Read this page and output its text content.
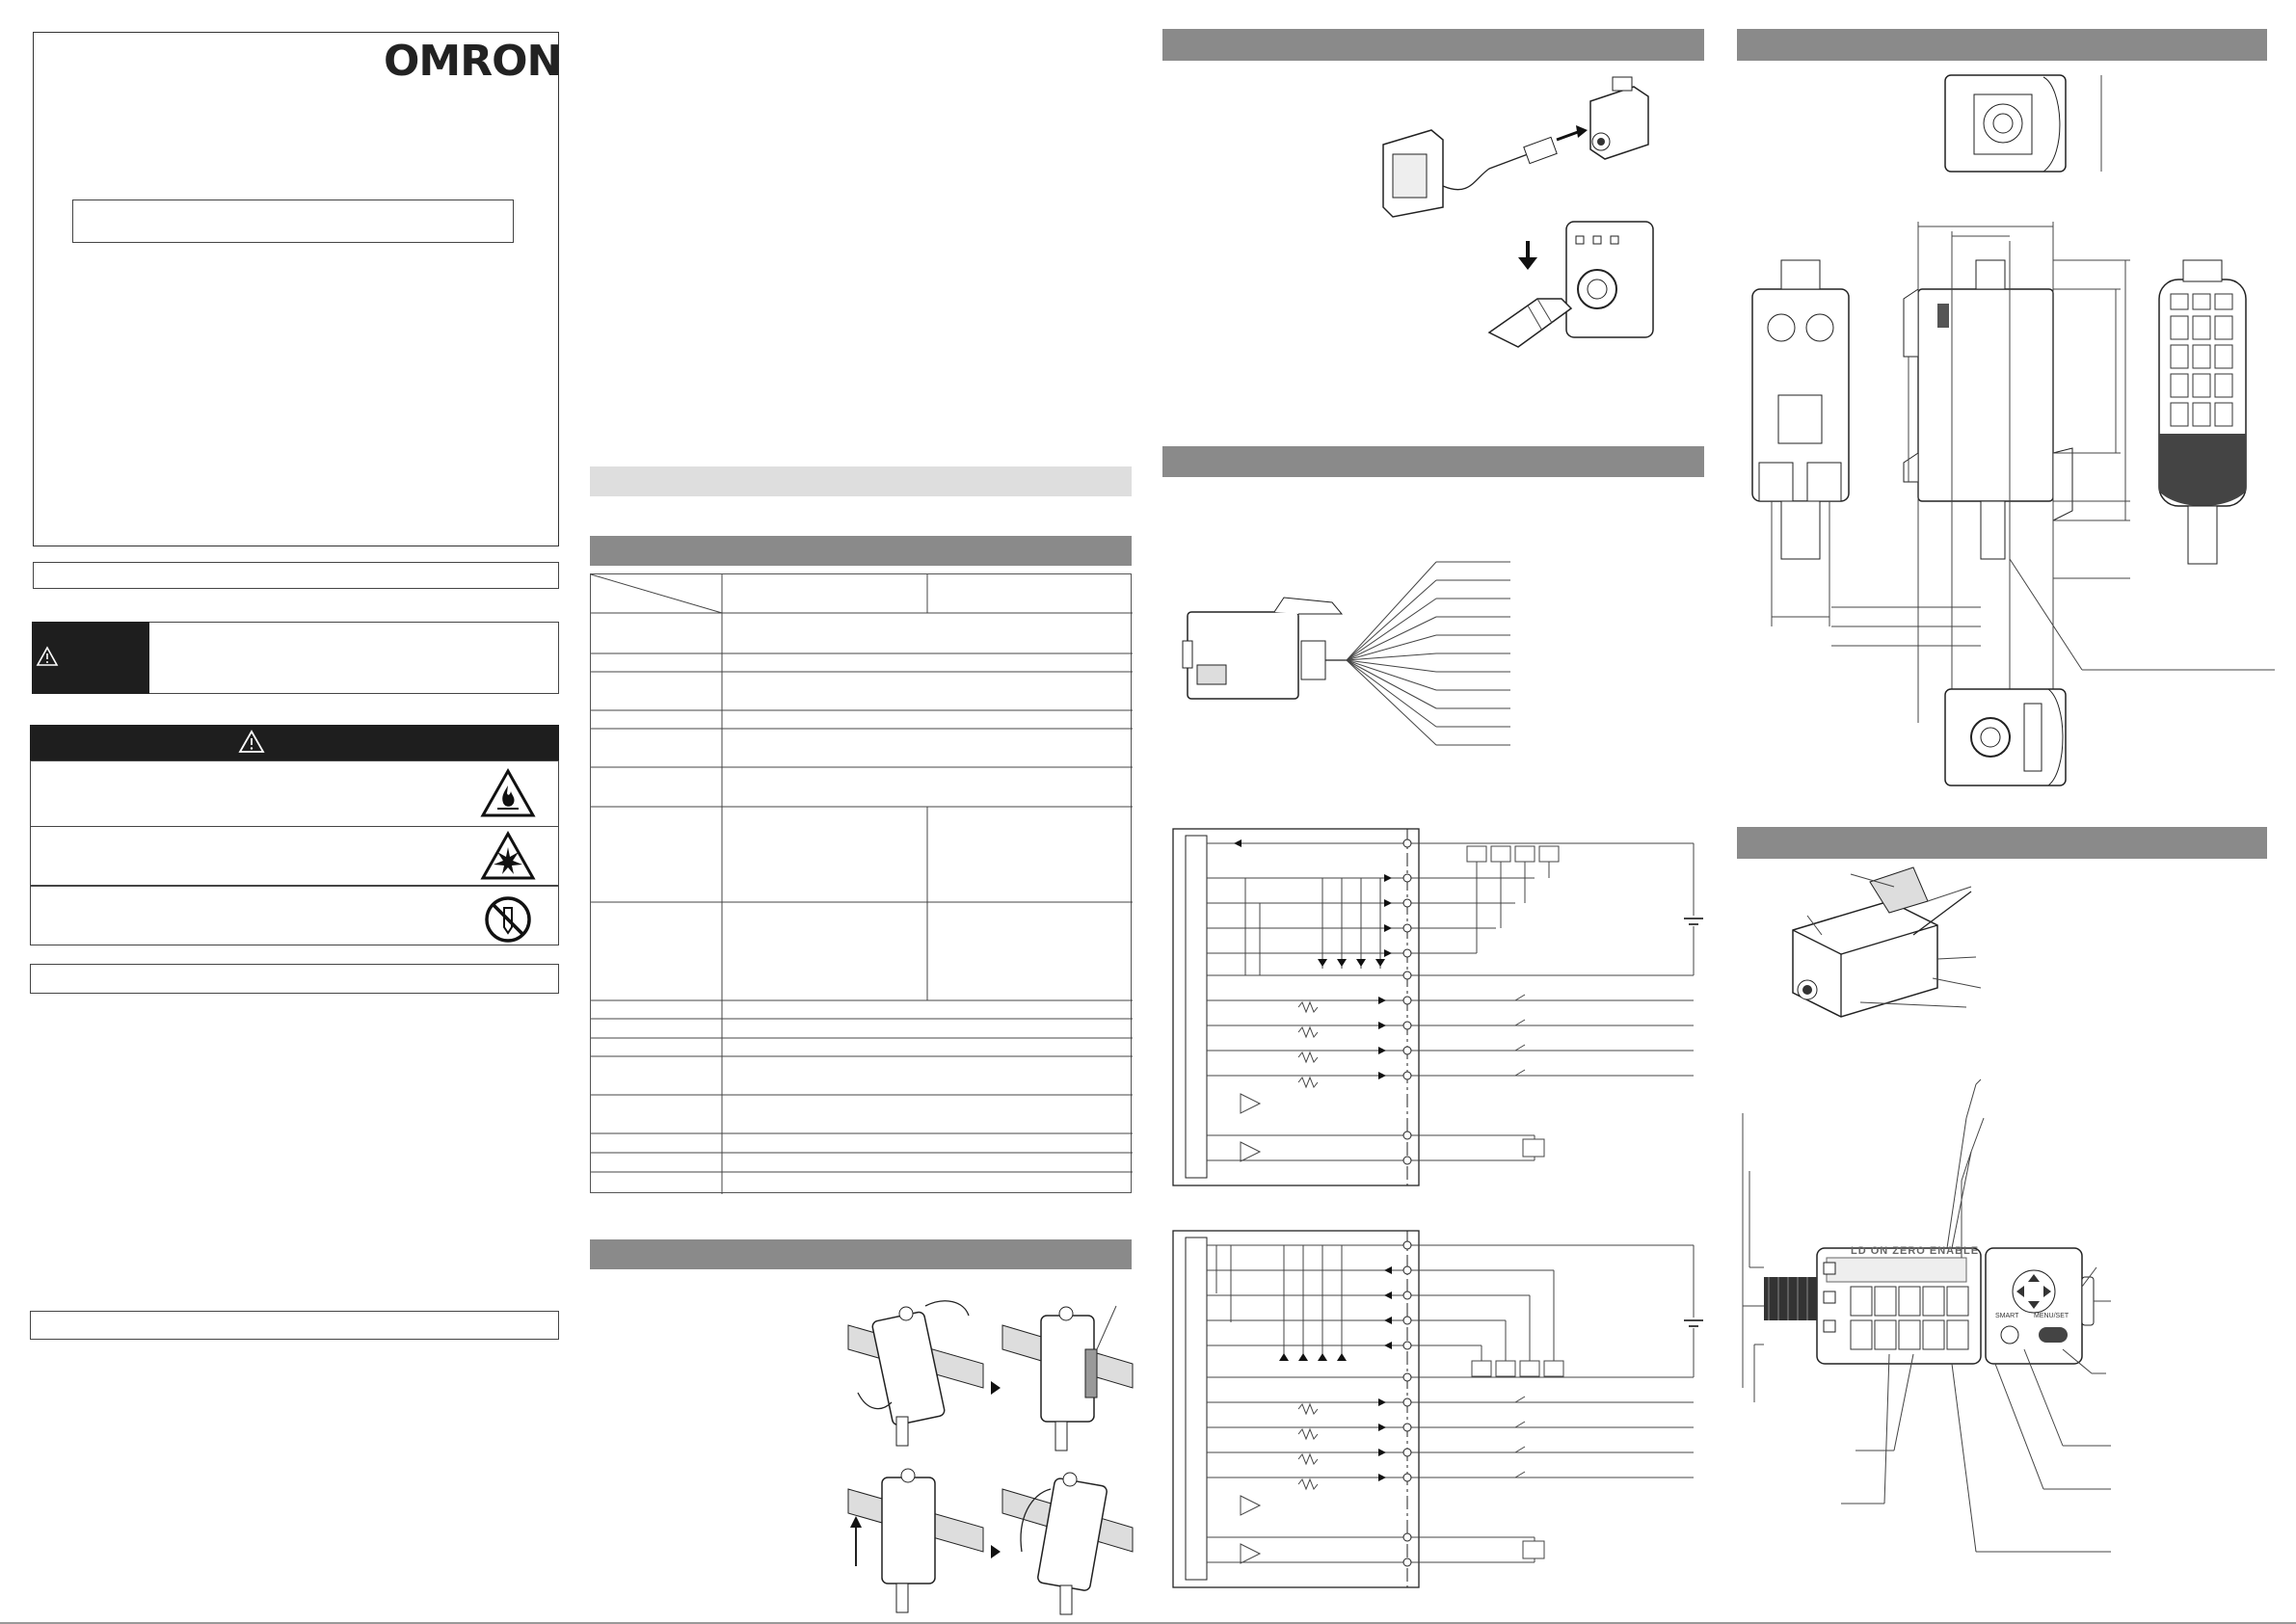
OMRON
LD ON ZERO ENABLE
SMART MENU/SET
